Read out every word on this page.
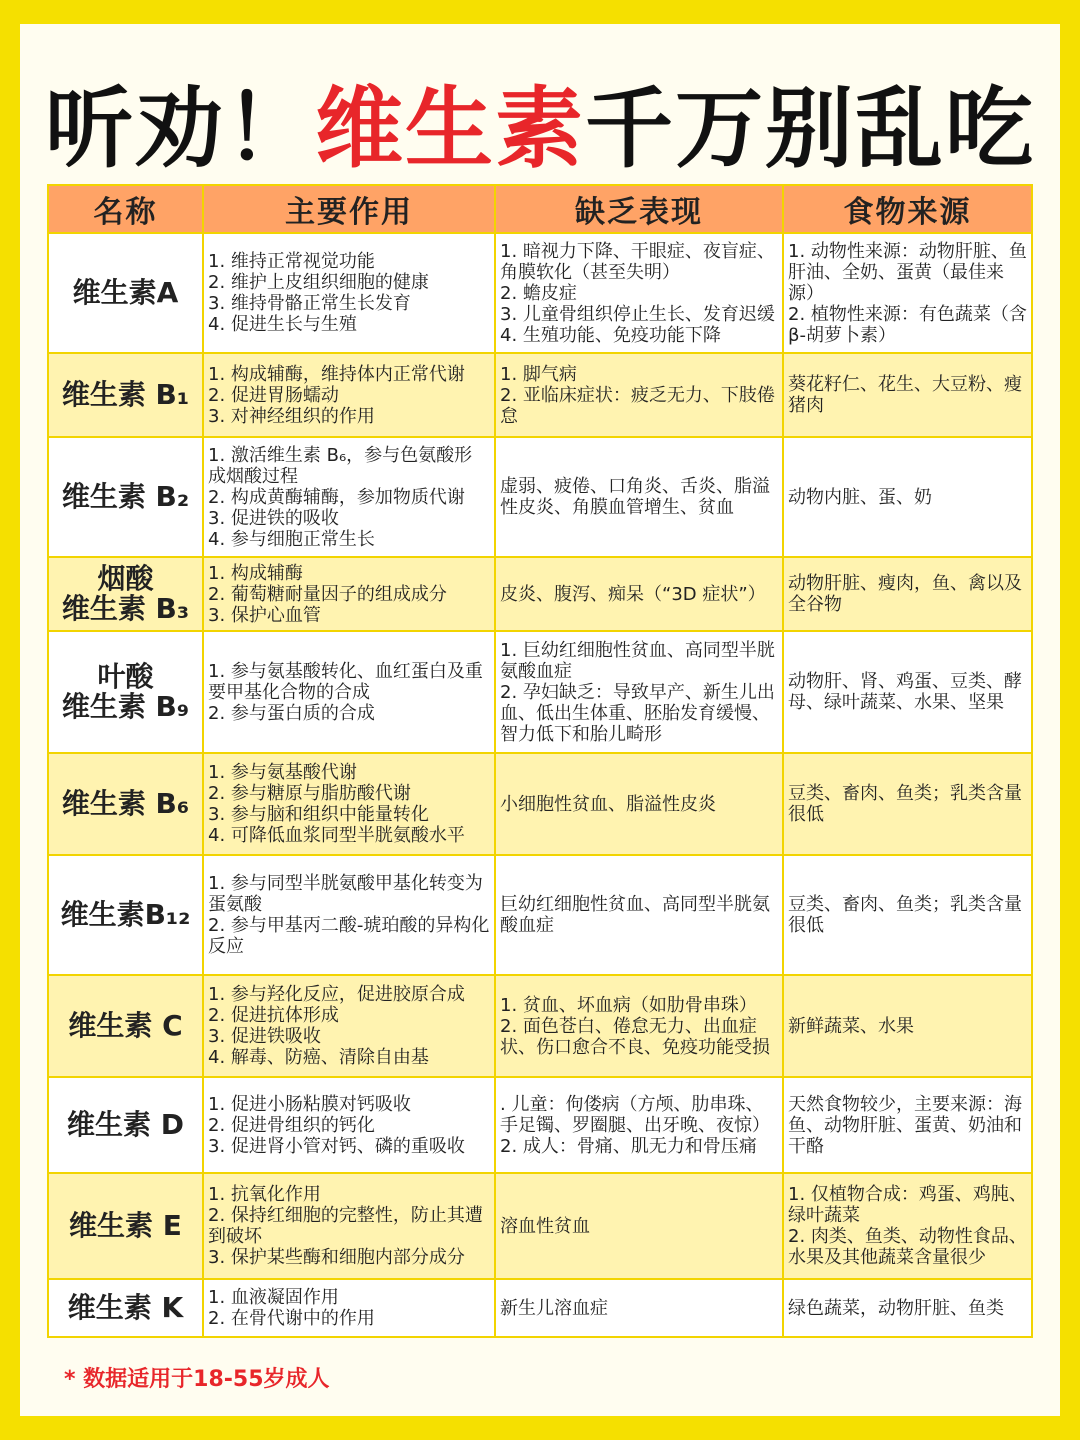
听劝！维生素千万别乱吃
名称	主要作用	缺乏表现	食物来源

维生素A	1. 维持正常视觉功能
2. 维护上皮组织细胞的健康
3. 维持骨骼正常生长发育
4. 促进生长与生殖	1. 暗视力下降、干眼症、夜盲症、角膜软化（甚至失明）
2. 蟾皮症
3. 儿童骨组织停止生长、发育迟缓
4. 生殖功能、免疫功能下降	1. 动物性来源：动物肝脏、鱼肝油、全奶、蛋黄（最佳来源）
2. 植物性来源：有色蔬菜（含β-胡萝卜素）

维生素 B₁	1. 构成辅酶，维持体内正常代谢
2. 促进胃肠蠕动
3. 对神经组织的作用	1. 脚气病
2. 亚临床症状：疲乏无力、下肢倦怠	葵花籽仁、花生、大豆粉、瘦猪肉

维生素 B₂	1. 激活维生素 B₆，参与色氨酸形成烟酸过程
2. 构成黄酶辅酶，参加物质代谢
3. 促进铁的吸收
4. 参与细胞正常生长	虚弱、疲倦、口角炎、舌炎、脂溢性皮炎、角膜血管增生、贫血	动物内脏、蛋、奶

烟酸
维生素 B₃	1. 构成辅酶
2. 葡萄糖耐量因子的组成成分
3. 保护心血管	皮炎、腹泻、痴呆（“3D 症状”）	动物肝脏、瘦肉，鱼、禽以及全谷物

叶酸
维生素 B₉	1. 参与氨基酸转化、血红蛋白及重要甲基化合物的合成
2. 参与蛋白质的合成	1. 巨幼红细胞性贫血、高同型半胱氨酸血症
2. 孕妇缺乏：导致早产、新生儿出血、低出生体重、胚胎发育缓慢、智力低下和胎儿畸形	动物肝、肾、鸡蛋、豆类、酵母、绿叶蔬菜、水果、坚果

维生素 B₆	1. 参与氨基酸代谢
2. 参与糖原与脂肪酸代谢
3. 参与脑和组织中能量转化
4. 可降低血浆同型半胱氨酸水平	小细胞性贫血、脂溢性皮炎	豆类、畜肉、鱼类；乳类含量很低

维生素B₁₂	1. 参与同型半胱氨酸甲基化转变为蛋氨酸
2. 参与甲基丙二酸-琥珀酸的异构化反应	巨幼红细胞性贫血、高同型半胱氨酸血症	豆类、畜肉、鱼类；乳类含量很低

维生素 C	1. 参与羟化反应，促进胶原合成
2. 促进抗体形成
3. 促进铁吸收
4. 解毒、防癌、清除自由基	1. 贫血、坏血病（如肋骨串珠）
2. 面色苍白、倦怠无力、出血症状、伤口愈合不良、免疫功能受损	新鲜蔬菜、水果

维生素 D	1. 促进小肠粘膜对钙吸收
2. 促进骨组织的钙化
3. 促进肾小管对钙、磷的重吸收	. 儿童：佝偻病（方颅、肋串珠、手足镯、罗圈腿、出牙晚、夜惊）
2. 成人：骨痛、肌无力和骨压痛	天然食物较少，主要来源：海鱼、动物肝脏、蛋黄、奶油和干酪

维生素 E	1. 抗氧化作用
2. 保持红细胞的完整性，防止其遭到破坏
3. 保护某些酶和细胞内部分成分	溶血性贫血	1. 仅植物合成：鸡蛋、鸡肫、绿叶蔬菜
2. 肉类、鱼类、动物性食品、水果及其他蔬菜含量很少

维生素 K	1. 血液凝固作用
2. 在骨代谢中的作用	新生儿溶血症	绿色蔬菜，动物肝脏、鱼类
* 数据适用于18-55岁成人
